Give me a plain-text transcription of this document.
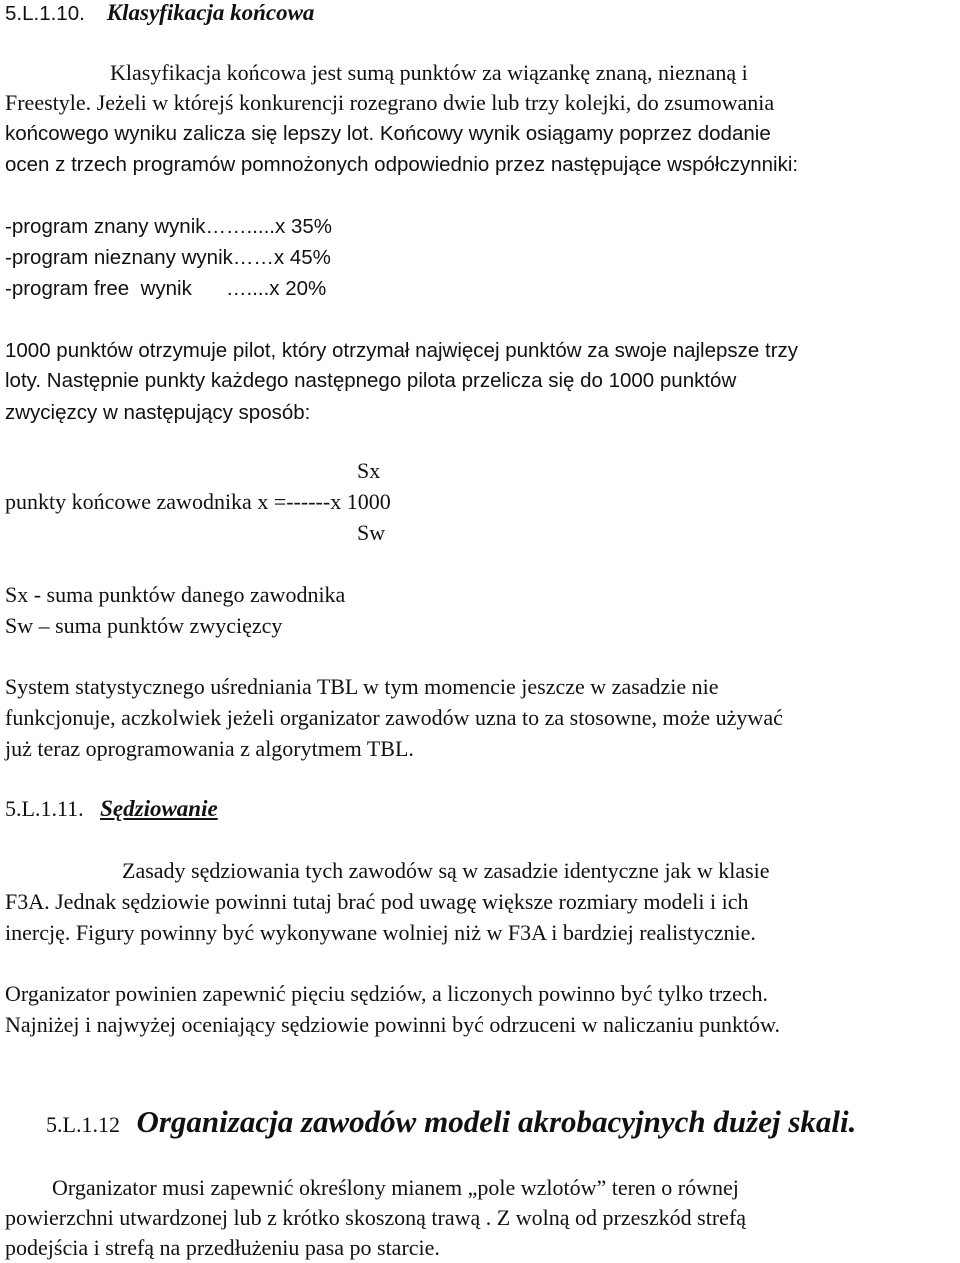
5.L.1.10. Klasyfikacja końcowa
Klasyfikacja końcowa jest sumą punktów za wiązankę znaną, nieznaną i
Freestyle. Jeżeli w którejś konkurencji rozegrano dwie lub trzy kolejki, do zsumowania
końcowego wyniku zalicza się lepszy lot. Końcowy wynik osiągamy poprzez dodanie
ocen z trzech programów pomnożonych odpowiednio przez następujące współczynniki:
-program znany wynik…….....x 35%
-program nieznany wynik……x 45%
-program free  wynik      …....x 20%
1000 punktów otrzymuje pilot, który otrzymał najwięcej punktów za swoje najlepsze trzy
loty. Następnie punkty każdego następnego pilota przelicza się do 1000 punktów
zwycięzcy w następujący sposób:
Sx
punkty końcowe zawodnika x =------x 1000
Sw
Sx - suma punktów danego zawodnika
Sw – suma punktów zwycięzcy
System statystycznego uśredniania TBL w tym momencie jeszcze w zasadzie nie
funkcjonuje, aczkolwiek jeżeli organizator zawodów uzna to za stosowne, może używać
już teraz oprogramowania z algorytmem TBL.
5.L.1.11. Sędziowanie
Zasady sędziowania tych zawodów są w zasadzie identyczne jak w klasie
F3A. Jednak sędziowie powinni tutaj brać pod uwagę większe rozmiary modeli i ich
inercję. Figury powinny być wykonywane wolniej niż w F3A i bardziej realistycznie.
Organizator powinien zapewnić pięciu sędziów, a liczonych powinno być tylko trzech.
Najniżej i najwyżej oceniający sędziowie powinni być odrzuceni w naliczaniu punktów.
5.L.1.12 Organizacja zawodów modeli akrobacyjnych dużej skali.
Organizator musi zapewnić określony mianem „pole wzlotów” teren o równej
powierzchni utwardzonej lub z krótko skoszoną trawą . Z wolną od przeszkód strefą
podejścia i strefą na przedłużeniu pasa po starcie.
